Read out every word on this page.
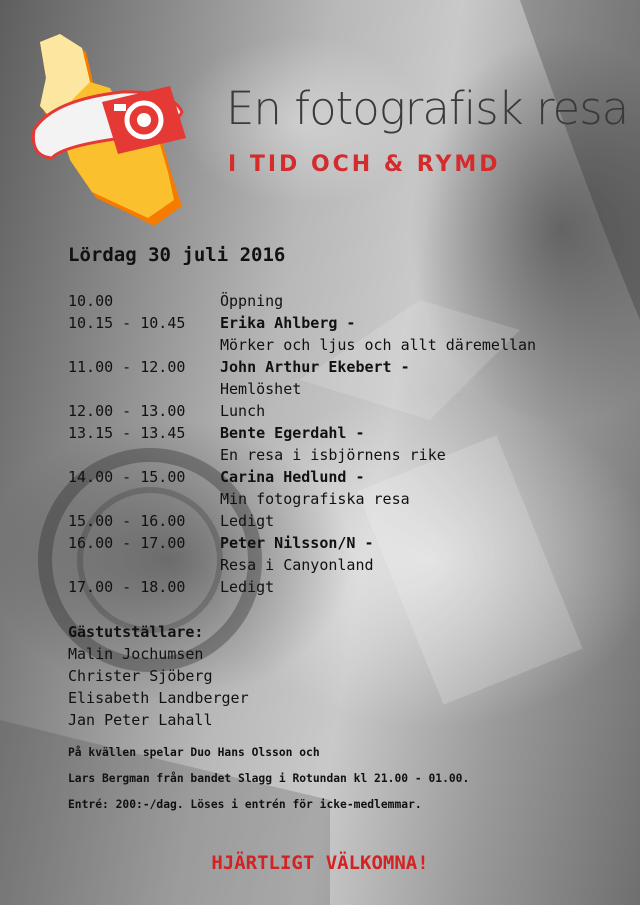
En fotografisk resa
I TID OCH & RYMD
Lördag 30 juli 2016
10.00	Öppning
10.15 - 10.45	Erika Ahlberg -
Mörker och ljus och allt däremellan
11.00 - 12.00	John Arthur Ekebert -
Hemlöshet
12.00 - 13.00	Lunch
13.15 - 13.45	Bente Egerdahl -
En resa i isbjörnens rike
14.00 - 15.00	Carina Hedlund -
Min fotografiska resa
15.00 - 16.00	Ledigt
16.00 - 17.00	Peter Nilsson/N -
Resa i Canyonland
17.00 - 18.00	Ledigt
Gästutställare:
Malin Jochumsen
Christer Sjöberg
Elisabeth Landberger
Jan Peter Lahall
På kvällen spelar Duo Hans Olsson och
Lars Bergman från bandet Slagg i Rotundan kl 21.00 - 01.00.
Entré: 200:-/dag. Löses i entrén för icke-medlemmar.
HJÄRTLIGT VÄLKOMNA!
